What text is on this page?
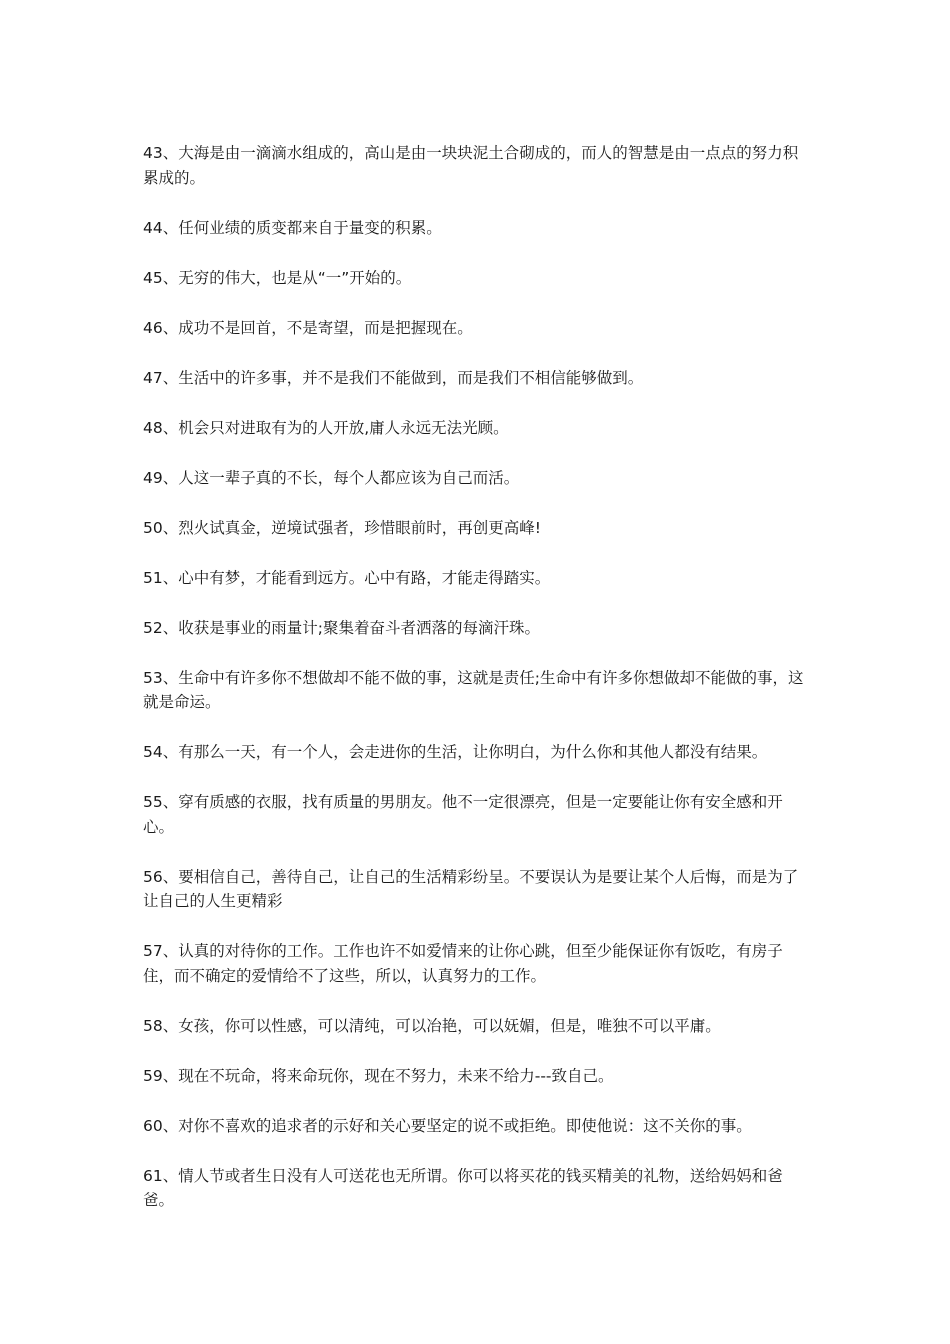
43、大海是由一滴滴水组成的，高山是由一块块泥土合砌成的，而人的智慧是由一点点的努力积累成的。

44、任何业绩的质变都来自于量变的积累。

45、无穷的伟大，也是从“一”开始的。

46、成功不是回首，不是寄望，而是把握现在。

47、生活中的许多事，并不是我们不能做到，而是我们不相信能够做到。

48、机会只对进取有为的人开放,庸人永远无法光顾。

49、人这一辈子真的不长，每个人都应该为自己而活。

50、烈火试真金，逆境试强者，珍惜眼前时，再创更高峰!

51、心中有梦，才能看到远方。心中有路，才能走得踏实。

52、收获是事业的雨量计;聚集着奋斗者洒落的每滴汗珠。

53、生命中有许多你不想做却不能不做的事，这就是责任;生命中有许多你想做却不能做的事，这就是命运。

54、有那么一天，有一个人，会走进你的生活，让你明白，为什么你和其他人都没有结果。

55、穿有质感的衣服，找有质量的男朋友。他不一定很漂亮，但是一定要能让你有安全感和开心。

56、要相信自己，善待自己，让自己的生活精彩纷呈。不要误认为是要让某个人后悔，而是为了让自己的人生更精彩

57、认真的对待你的工作。工作也许不如爱情来的让你心跳，但至少能保证你有饭吃，有房子住，而不确定的爱情给不了这些，所以，认真努力的工作。

58、女孩，你可以性感，可以清纯，可以冶艳，可以妩媚，但是，唯独不可以平庸。

59、现在不玩命，将来命玩你，现在不努力，未来不给力---致自己。

60、对你不喜欢的追求者的示好和关心要坚定的说不或拒绝。即使他说：这不关你的事。

61、情人节或者生日没有人可送花也无所谓。你可以将买花的钱买精美的礼物，送给妈妈和爸爸。
